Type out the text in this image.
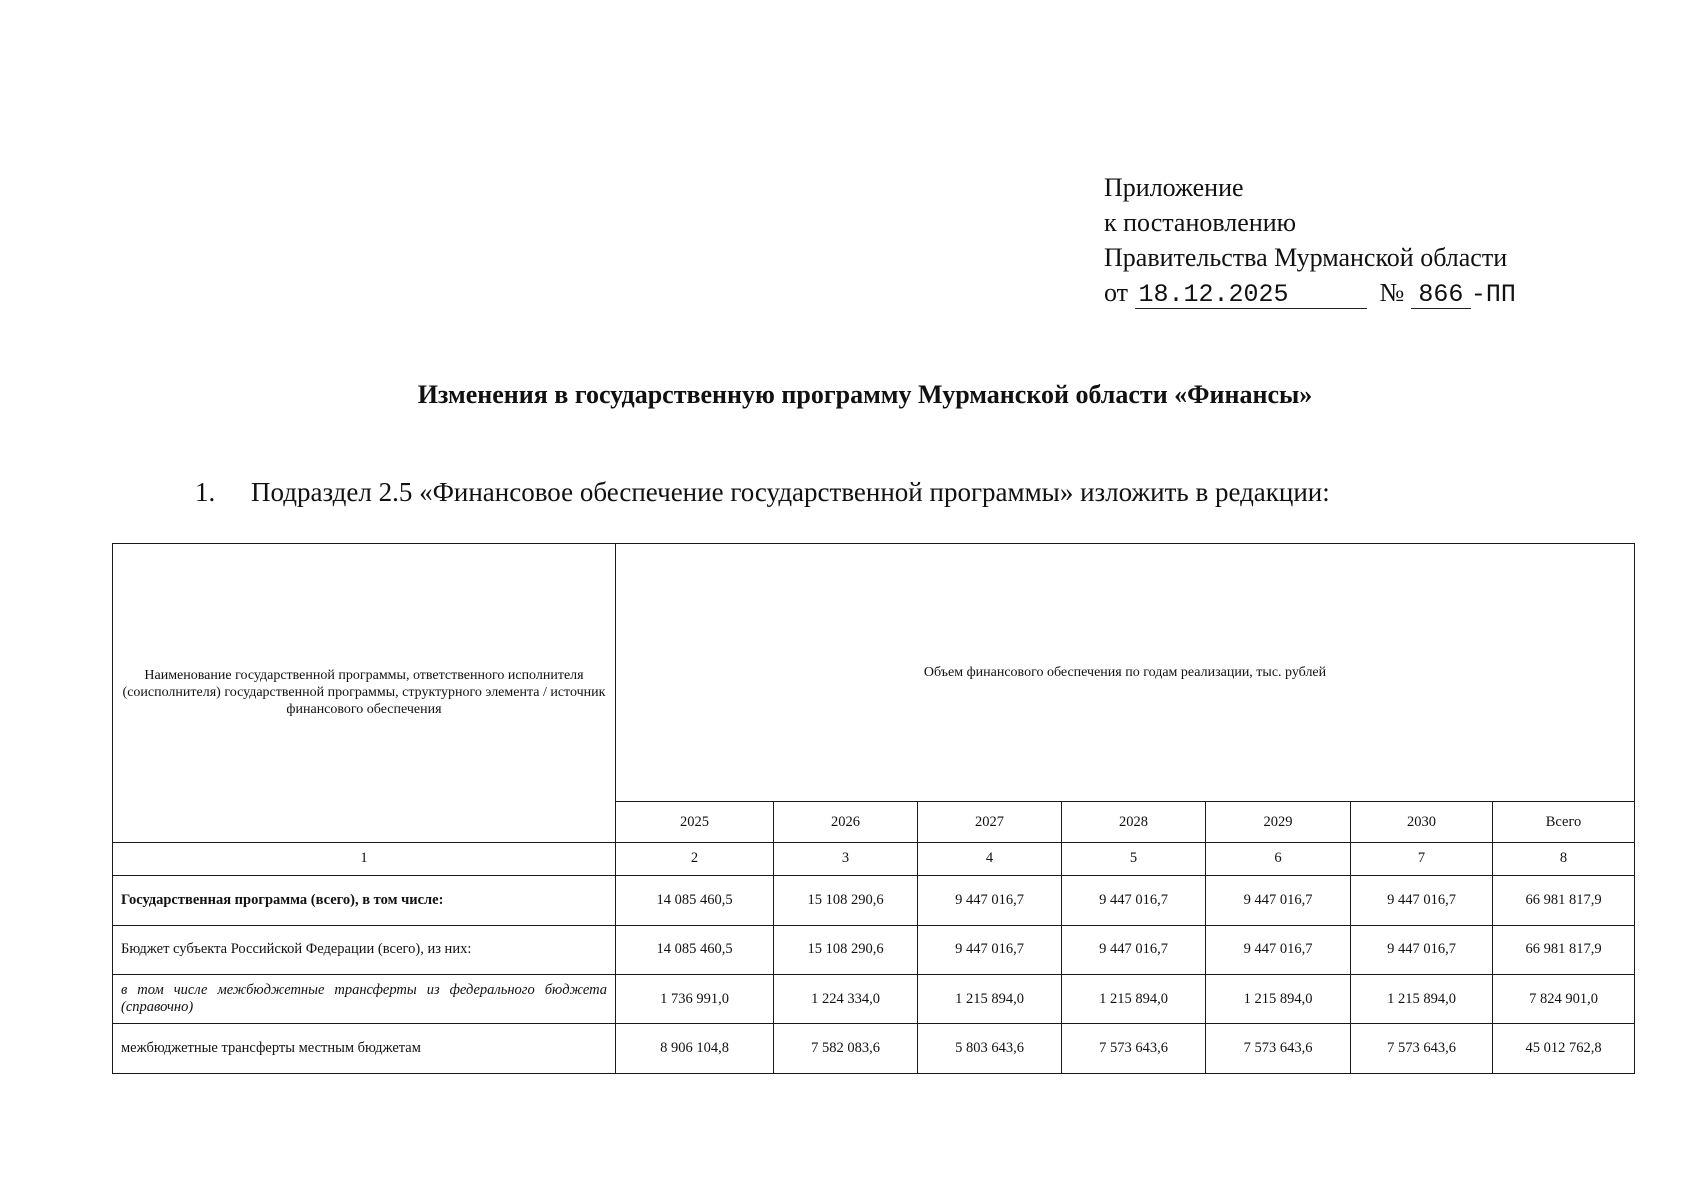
Приложение
к постановлению
Правительства Мурманской области
от 18.12.2025	№ 866 -ПП
Изменения в государственную программу Мурманской области «Финансы»
1. Подраздел 2.5 «Финансовое обеспечение государственной программы» изложить в редакции:
Наименование государственной программы, ответственного исполнителя (соисполнителя) государственной программы, структурного элемента / источник финансового обеспечения	Объем финансового обеспечения по годам реализации, тыс. рублей						
	2025	2026	2027	2028	2029	2030	Всего
1	2	3	4	5	6	7	8
Государственная программа (всего), в том числе:	14 085 460,5	15 108 290,6	9 447 016,7	9 447 016,7	9 447 016,7	9 447 016,7	66 981 817,9
Бюджет субъекта Российской Федерации (всего), из них:	14 085 460,5	15 108 290,6	9 447 016,7	9 447 016,7	9 447 016,7	9 447 016,7	66 981 817,9
в том числе межбюджетные трансферты из федерального бюджета (справочно)	1 736 991,0	1 224 334,0	1 215 894,0	1 215 894,0	1 215 894,0	1 215 894,0	7 824 901,0
межбюджетные трансферты местным бюджетам	8 906 104,8	7 582 083,6	5 803 643,6	7 573 643,6	7 573 643,6	7 573 643,6	45 012 762,8
